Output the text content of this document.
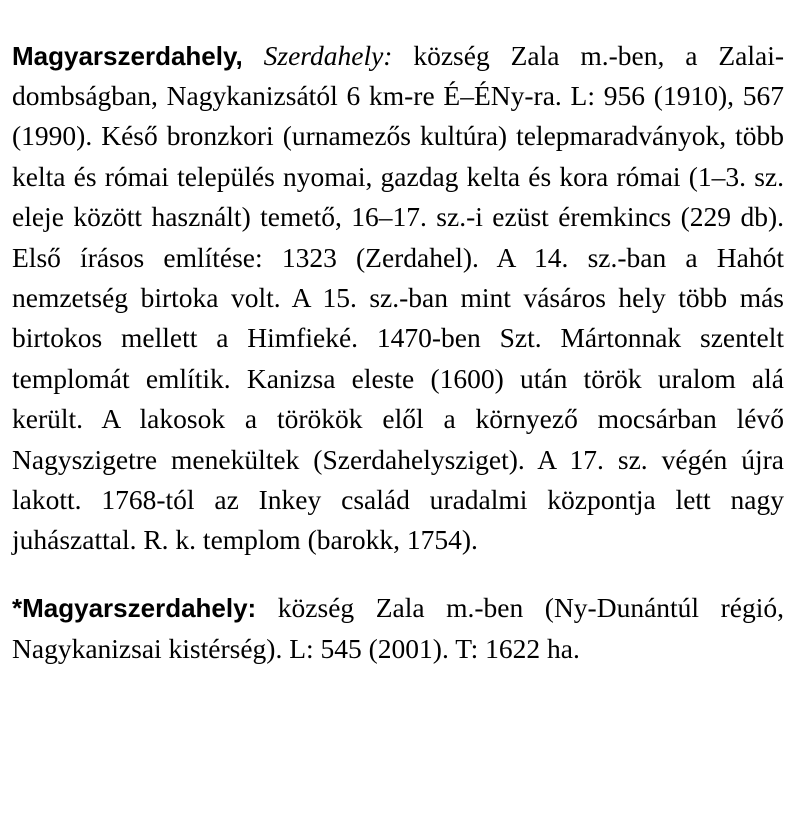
Magyarszerdahely, Szerdahely: község Zala m.-ben, a Zalai-dombságban, Nagykanizsától 6 km-re É–ÉNy-ra. L: 956 (1910), 567 (1990). Késő bronzkori (urnamezős kultúra) telepmaradványok, több kelta és római település nyomai, gazdag kelta és kora római (1–3. sz. eleje között használt) temető, 16–17. sz.-i ezüst éremkincs (229 db). Első írásos említése: 1323 (Zerdahel). A 14. sz.-ban a Hahót nemzetség birtoka volt. A 15. sz.-ban mint vásáros hely több más birtokos mellett a Himfieké. 1470-ben Szt. Mártonnak szentelt templomát említik. Kanizsa eleste (1600) után török uralom alá került. A lakosok a törökök elől a környező mocsárban lévő Nagyszigetre menekültek (Szerdahelysziget). A 17. sz. végén újra lakott. 1768-tól az Inkey család uradalmi központja lett nagy juhászattal. R. k. templom (barokk, 1754).

*Magyarszerdahely: község Zala m.-ben (Ny-Dunántúl régió, Nagykanizsai kistérség). L: 545 (2001). T: 1622 ha.
